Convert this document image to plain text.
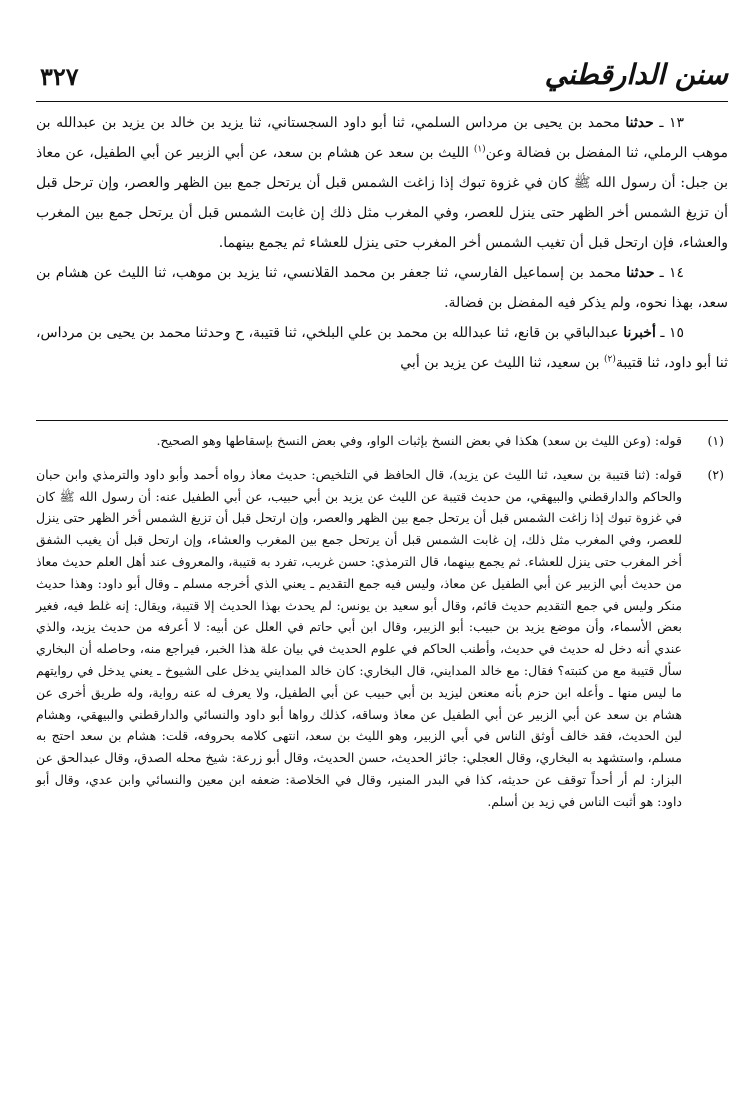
سنن الدارقطني
٣٢٧

١٣ ـ حدثنا محمد بن يحيى بن مرداس السلمي، ثنا أبو داود السجستاني، ثنا يزيد بن خالد بن يزيد بن عبدالله بن موهب الرملي، ثنا المفضل بن فضالة وعن$^{(١)}$ الليث بن سعد عن هشام بن سعد، عن أبي الزبير عن أبي الطفيل، عن معاذ بن جبل: أن رسول الله ﷺ كان في غزوة تبوك إذا زاغت الشمس قبل أن يرتحل جمع بين الظهر والعصر، وإن ترحل قبل أن تزيغ الشمس أخر الظهر حتى ينزل للعصر، وفي المغرب مثل ذلك إن غابت الشمس قبل أن يرتحل جمع بين المغرب والعشاء، فإن ارتحل قبل أن تغيب الشمس أخر المغرب حتى ينزل للعشاء ثم يجمع بينهما.

١٤ ـ حدثنا محمد بن إسماعيل الفارسي، ثنا جعفر بن محمد القلانسي، ثنا يزيد بن موهب، ثنا الليث عن هشام بن سعد، بهذا نحوه، ولم يذكر فيه المفضل بن فضالة.

١٥ ـ أخبرنا عبدالباقي بن قانع، ثنا عبدالله بن محمد بن علي البلخي، ثنا قتيبة، ح وحدثنا محمد بن يحيى بن مرداس، ثنا أبو داود، ثنا قتيبة$^{(٢)}$ بن سعيد، ثنا الليث عن يزيد بن أبي

(١)
قوله: (وعن الليث بن سعد) هكذا في بعض النسخ بإثبات الواو، وفي بعض النسخ بإسقاطها وهو الصحيح.

(٢)
قوله: (ثنا قتيبة بن سعيد، ثنا الليث عن يزيد)، قال الحافظ في التلخيص: حديث معاذ رواه أحمد وأبو داود والترمذي وابن حبان والحاكم والدارقطني والبيهقي، من حديث قتيبة عن الليث عن يزيد بن أبي حبيب، عن أبي الطفيل عنه: أن رسول الله ﷺ كان في غزوة تبوك إذا زاغت الشمس قبل أن يرتحل جمع بين الظهر والعصر، وإن ارتحل قبل أن تزيغ الشمس أخر الظهر حتى ينزل للعصر، وفي المغرب مثل ذلك، إن غابت الشمس قبل أن يرتحل جمع بين المغرب والعشاء، وإن ارتحل قبل أن يغيب الشفق أخر المغرب حتى ينزل للعشاء. ثم يجمع بينهما، قال الترمذي: حسن غريب، تفرد به قتيبة، والمعروف عند أهل العلم حديث معاذ من حديث أبي الزبير عن أبي الطفيل عن معاذ، وليس فيه جمع التقديم ـ يعني الذي أخرجه مسلم ـ وقال أبو داود: وهذا حديث منكر وليس في جمع التقديم حديث قائم، وقال أبو سعيد بن يونس: لم يحدث بهذا الحديث إلا قتيبة، ويقال: إنه غلط فيه، فغير بعض الأسماء، وأن موضع يزيد بن حبيب: أبو الزبير، وقال ابن أبي حاتم في العلل عن أبيه: لا أعرفه من حديث يزيد، والذي عندي أنه دخل له حديث في حديث، وأطنب الحاكم في علوم الحديث في بيان علة هذا الخبر، فيراجع منه، وحاصله أن البخاري سأل قتيبة مع من كتبته؟ فقال: مع خالد المدايني، قال البخاري: كان خالد المدايني يدخل على الشيوخ ـ يعني يدخل في روايتهم ما ليس منها ـ وأعله ابن حزم بأنه معنعن ليزيد بن أبي حبيب عن أبي الطفيل، ولا يعرف له عنه رواية، وله طريق أخرى عن هشام بن سعد عن أبي الزبير عن أبي الطفيل عن معاذ وساقه، كذلك رواها أبو داود والنسائي والدارقطني والبيهقي، وهشام لين الحديث، فقد خالف أوثق الناس في أبي الزبير، وهو الليث بن سعد، انتهى كلامه بحروفه، قلت: هشام بن سعد احتج به مسلم، واستشهد به البخاري، وقال العجلي: جائز الحديث، حسن الحديث، وقال أبو زرعة: شيخ محله الصدق، وقال عبدالحق عن البزار: لم أر أحداً توقف عن حديثه، كذا في البدر المنير، وقال في الخلاصة: ضعفه ابن معين والنسائي وابن عدي، وقال أبو داود: هو أثبت الناس في زيد بن أسلم.
